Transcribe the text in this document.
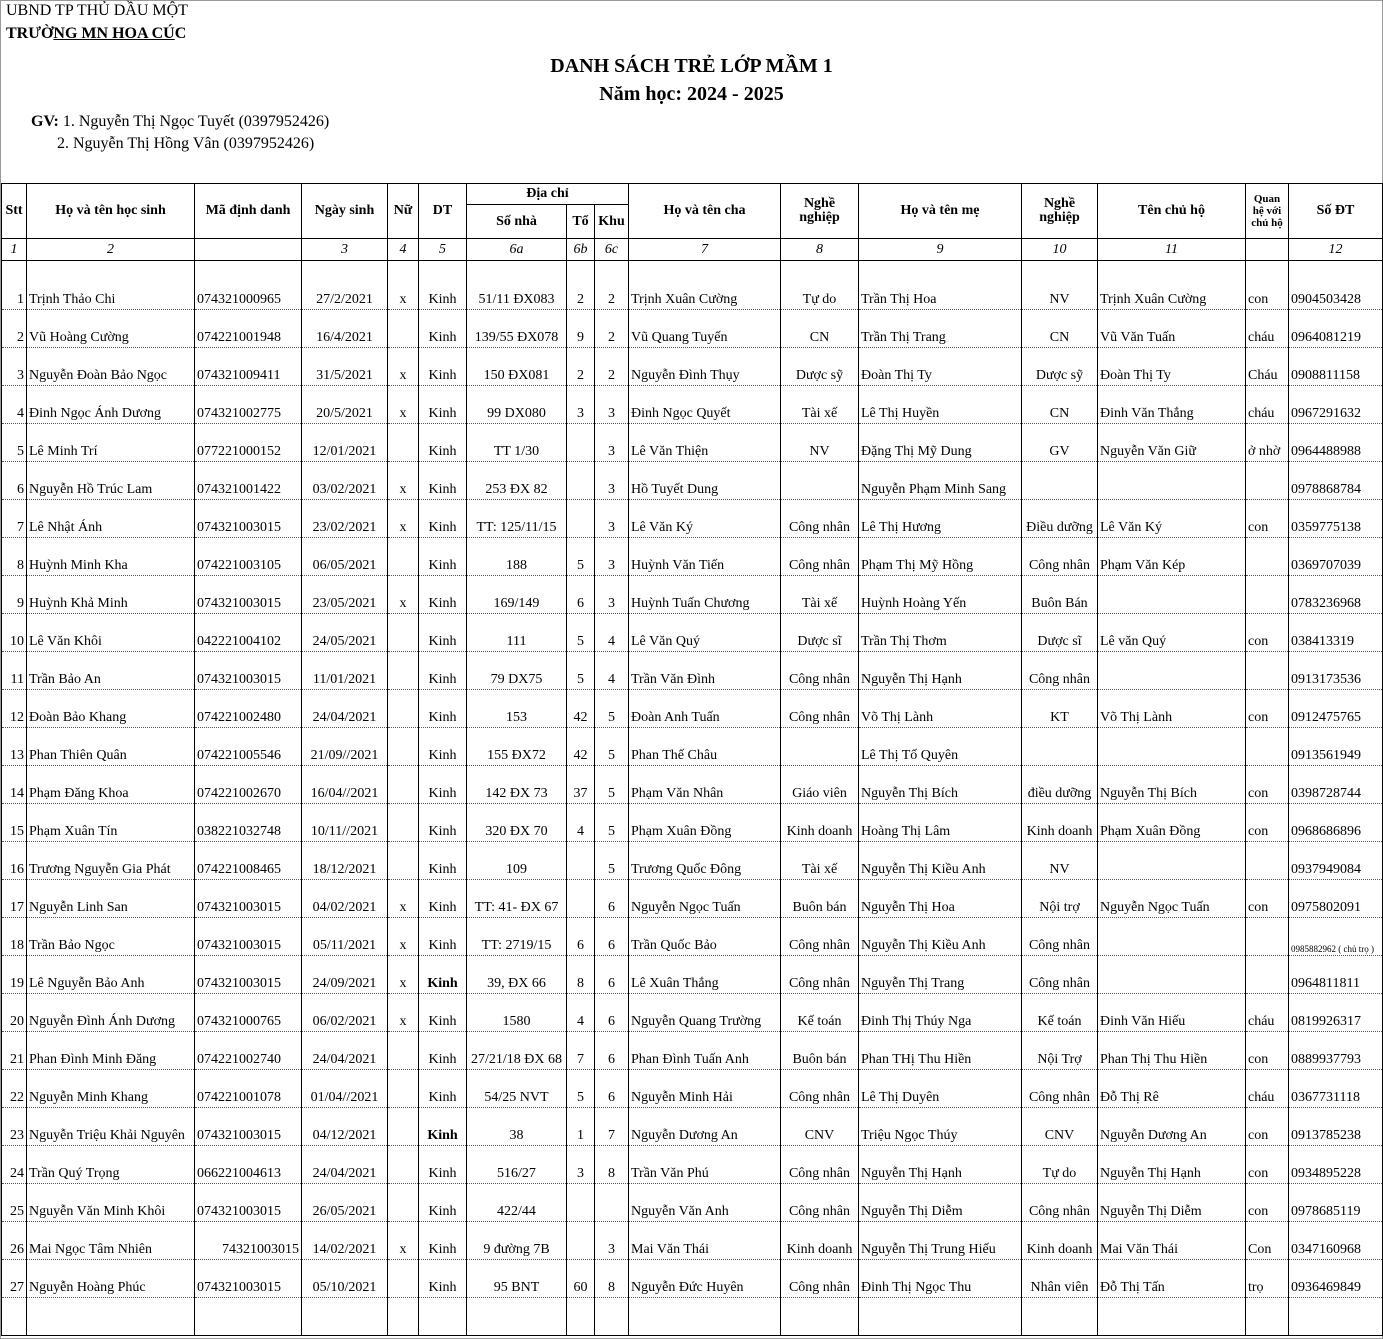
UBND TP THỦ DẦU MỘT
TRƯỜNG MN HOA CÚC
DANH SÁCH TRẺ LỚP MẦM 1
Năm học: 2024 - 2025
GV: 1. Nguyễn Thị Ngọc Tuyết (0397952426)
2. Nguyễn Thị Hồng Vân (0397952426)
Stt	Họ và tên học sinh	Mã định danh	Ngày sinh	Nữ	DT	Địa chỉ			Họ và tên cha	Nghề nghiệp	Họ và tên mẹ	Nghề nghiệp	Tên chủ hộ	Quan hệ với chủ hộ	Số ĐT
						Số nhà	Tổ	Khu							
1	2		3	4	5	6a	6b	6c	7	8	9	10	11		12
1	Trịnh Thảo Chi	074321000965	27/2/2021	x	Kinh	51/11 ĐX083	2	2	Trịnh Xuân Cường	Tự do	Trần Thị Hoa	NV	Trịnh Xuân Cường	con	0904503428
2	Vũ Hoàng Cường	074221001948	16/4/2021		Kinh	139/55 ĐX078	9	2	Vũ Quang Tuyến	CN	Trần Thị Trang	CN	Vũ Văn Tuấn	cháu	0964081219
3	Nguyễn Đoàn Bảo Ngọc	074321009411	31/5/2021	x	Kinh	150 ĐX081	2	2	Nguyễn Đình Thụy	Dược sỹ	Đoàn Thị Ty	Dược sỹ	Đoàn Thị Ty	Cháu	0908811158
4	Đinh Ngọc Ánh Dương	074321002775	20/5/2021	x	Kinh	99 DX080	3	3	Đinh Ngọc Quyết	Tài xế	Lê Thị Huyền	CN	Đinh Văn Thắng	cháu	0967291632
5	Lê Minh Trí	077221000152	12/01/2021		Kinh	TT 1/30		3	Lê Văn Thiện	NV	Đặng Thị Mỹ Dung	GV	Nguyễn Văn Giữ	ở nhờ	0964488988
6	Nguyễn Hồ Trúc Lam	074321001422	03/02/2021	x	Kinh	253 ĐX 82		3	Hồ Tuyết Dung		Nguyễn Phạm Minh Sang				0978868784
7	Lê Nhật Ánh	074321003015	23/02/2021	x	Kinh	TT: 125/11/15		3	Lê Văn Ký	Công nhân	Lê Thị Hương	Điều dưỡng	Lê Văn Ký	con	0359775138
8	Huỳnh Minh Kha	074221003105	06/05/2021		Kinh	188	5	3	Huỳnh Văn Tiến	Công nhân	Phạm Thị Mỹ Hồng	Công nhân	Phạm Văn Kép		0369707039
9	Huỳnh Khả Minh	074321003015	23/05/2021	x	Kinh	169/149	6	3	Huỳnh Tuấn Chương	Tài xế	Huỳnh Hoàng Yến	Buôn Bán			0783236968
10	Lê Văn Khôi	042221004102	24/05/2021		Kinh	111	5	4	Lê Văn Quý	Dược sĩ	Trần Thị Thơm	Dược sĩ	Lê văn Quý	con	038413319
11	Trần Bảo An	074321003015	11/01/2021		Kinh	79 DX75	5	4	Trần Văn Đình	Công nhân	Nguyễn Thị Hạnh	Công nhân			0913173536
12	Đoàn Bảo Khang	074221002480	24/04/2021		Kinh	153	42	5	Đoàn Anh Tuấn	Công nhân	Võ Thị Lành	KT	Võ Thị Lành	con	0912475765
13	Phan Thiên Quân	074221005546	21/09//2021		Kinh	155 ĐX72	42	5	Phan Thế Châu		Lê Thị Tố Quyên				0913561949
14	Phạm Đăng Khoa	074221002670	16/04//2021		Kinh	142 ĐX 73	37	5	Phạm Văn Nhân	Giáo viên	Nguyễn Thị Bích	điều dưỡng	Nguyễn Thị Bích	con	0398728744
15	Phạm Xuân Tín	038221032748	10/11//2021		Kinh	320 ĐX 70	4	5	Phạm Xuân Đồng	Kinh doanh	Hoàng Thị Lâm	Kinh doanh	Phạm Xuân Đồng	con	0968686896
16	Trương Nguyễn Gia Phát	074221008465	18/12/2021		Kinh	109		5	Trương Quốc Đông	Tài xế	Nguyễn Thị Kiều Anh	NV			0937949084
17	Nguyễn Linh San	074321003015	04/02/2021	x	Kinh	TT: 41- ĐX 67		6	Nguyễn Ngọc Tuấn	Buôn bán	Nguyễn Thị Hoa	Nội trợ	Nguyễn Ngọc Tuấn	con	0975802091
18	Trần Bảo Ngọc	074321003015	05/11/2021	x	Kinh	TT: 2719/15	6	6	Trần Quốc Bảo	Công nhân	Nguyễn Thị Kiều Anh	Công nhân			0985882962 ( chủ trọ )
19	Lê Nguyễn Bảo Anh	074321003015	24/09/2021	x	Kinh	39, ĐX 66	8	6	Lê Xuân Thắng	Công nhân	Nguyễn Thị Trang	Công nhân			0964811811
20	Nguyễn Đình Ánh Dương	074321000765	06/02/2021	x	Kinh	1580	4	6	Nguyễn Quang Trường	Kế toán	Đinh Thị Thúy Nga	Kế toán	Đinh Văn Hiếu	cháu	0819926317
21	Phan Đình Minh Đăng	074221002740	24/04/2021		Kinh	27/21/18 ĐX 68	7	6	Phan Đình Tuấn Anh	Buôn bán	Phan THị Thu Hiền	Nội Trợ	Phan Thị Thu Hiền	con	0889937793
22	Nguyễn Minh Khang	074221001078	01/04//2021		Kinh	54/25 NVT	5	6	Nguyễn Minh Hải	Công nhân	Lê Thị Duyên	Công nhân	Đỗ Thị Rê	cháu	0367731118
23	Nguyễn Triệu Khải Nguyên	074321003015	04/12/2021		Kinh	38	1	7	Nguyễn Dương An	CNV	Triệu Ngọc Thúy	CNV	Nguyễn Dương An	con	0913785238
24	Trần Quý Trọng	066221004613	24/04/2021		Kinh	516/27	3	8	Trần Văn Phú	Công nhân	Nguyễn Thị Hạnh	Tự do	Nguyễn Thị Hạnh	con	0934895228
25	Nguyễn Văn Minh Khôi	074321003015	26/05/2021		Kinh	422/44			Nguyễn Văn Anh	Công nhân	Nguyễn Thị Diễm	Công nhân	Nguyễn Thị Diễm	con	0978685119
26	Mai Ngọc Tâm Nhiên	74321003015	14/02/2021	x	Kinh	9 đường 7B		3	Mai Văn Thái	Kinh doanh	Nguyễn Thị Trung Hiếu	Kinh doanh	Mai Văn Thái	Con	0347160968
27	Nguyễn Hoàng Phúc	074321003015	05/10/2021		Kinh	95 BNT	60	8	Nguyễn Đức Huyên	Công nhân	Đinh Thị Ngọc Thu	Nhân viên	Đỗ Thị Tấn	trọ	0936469849
